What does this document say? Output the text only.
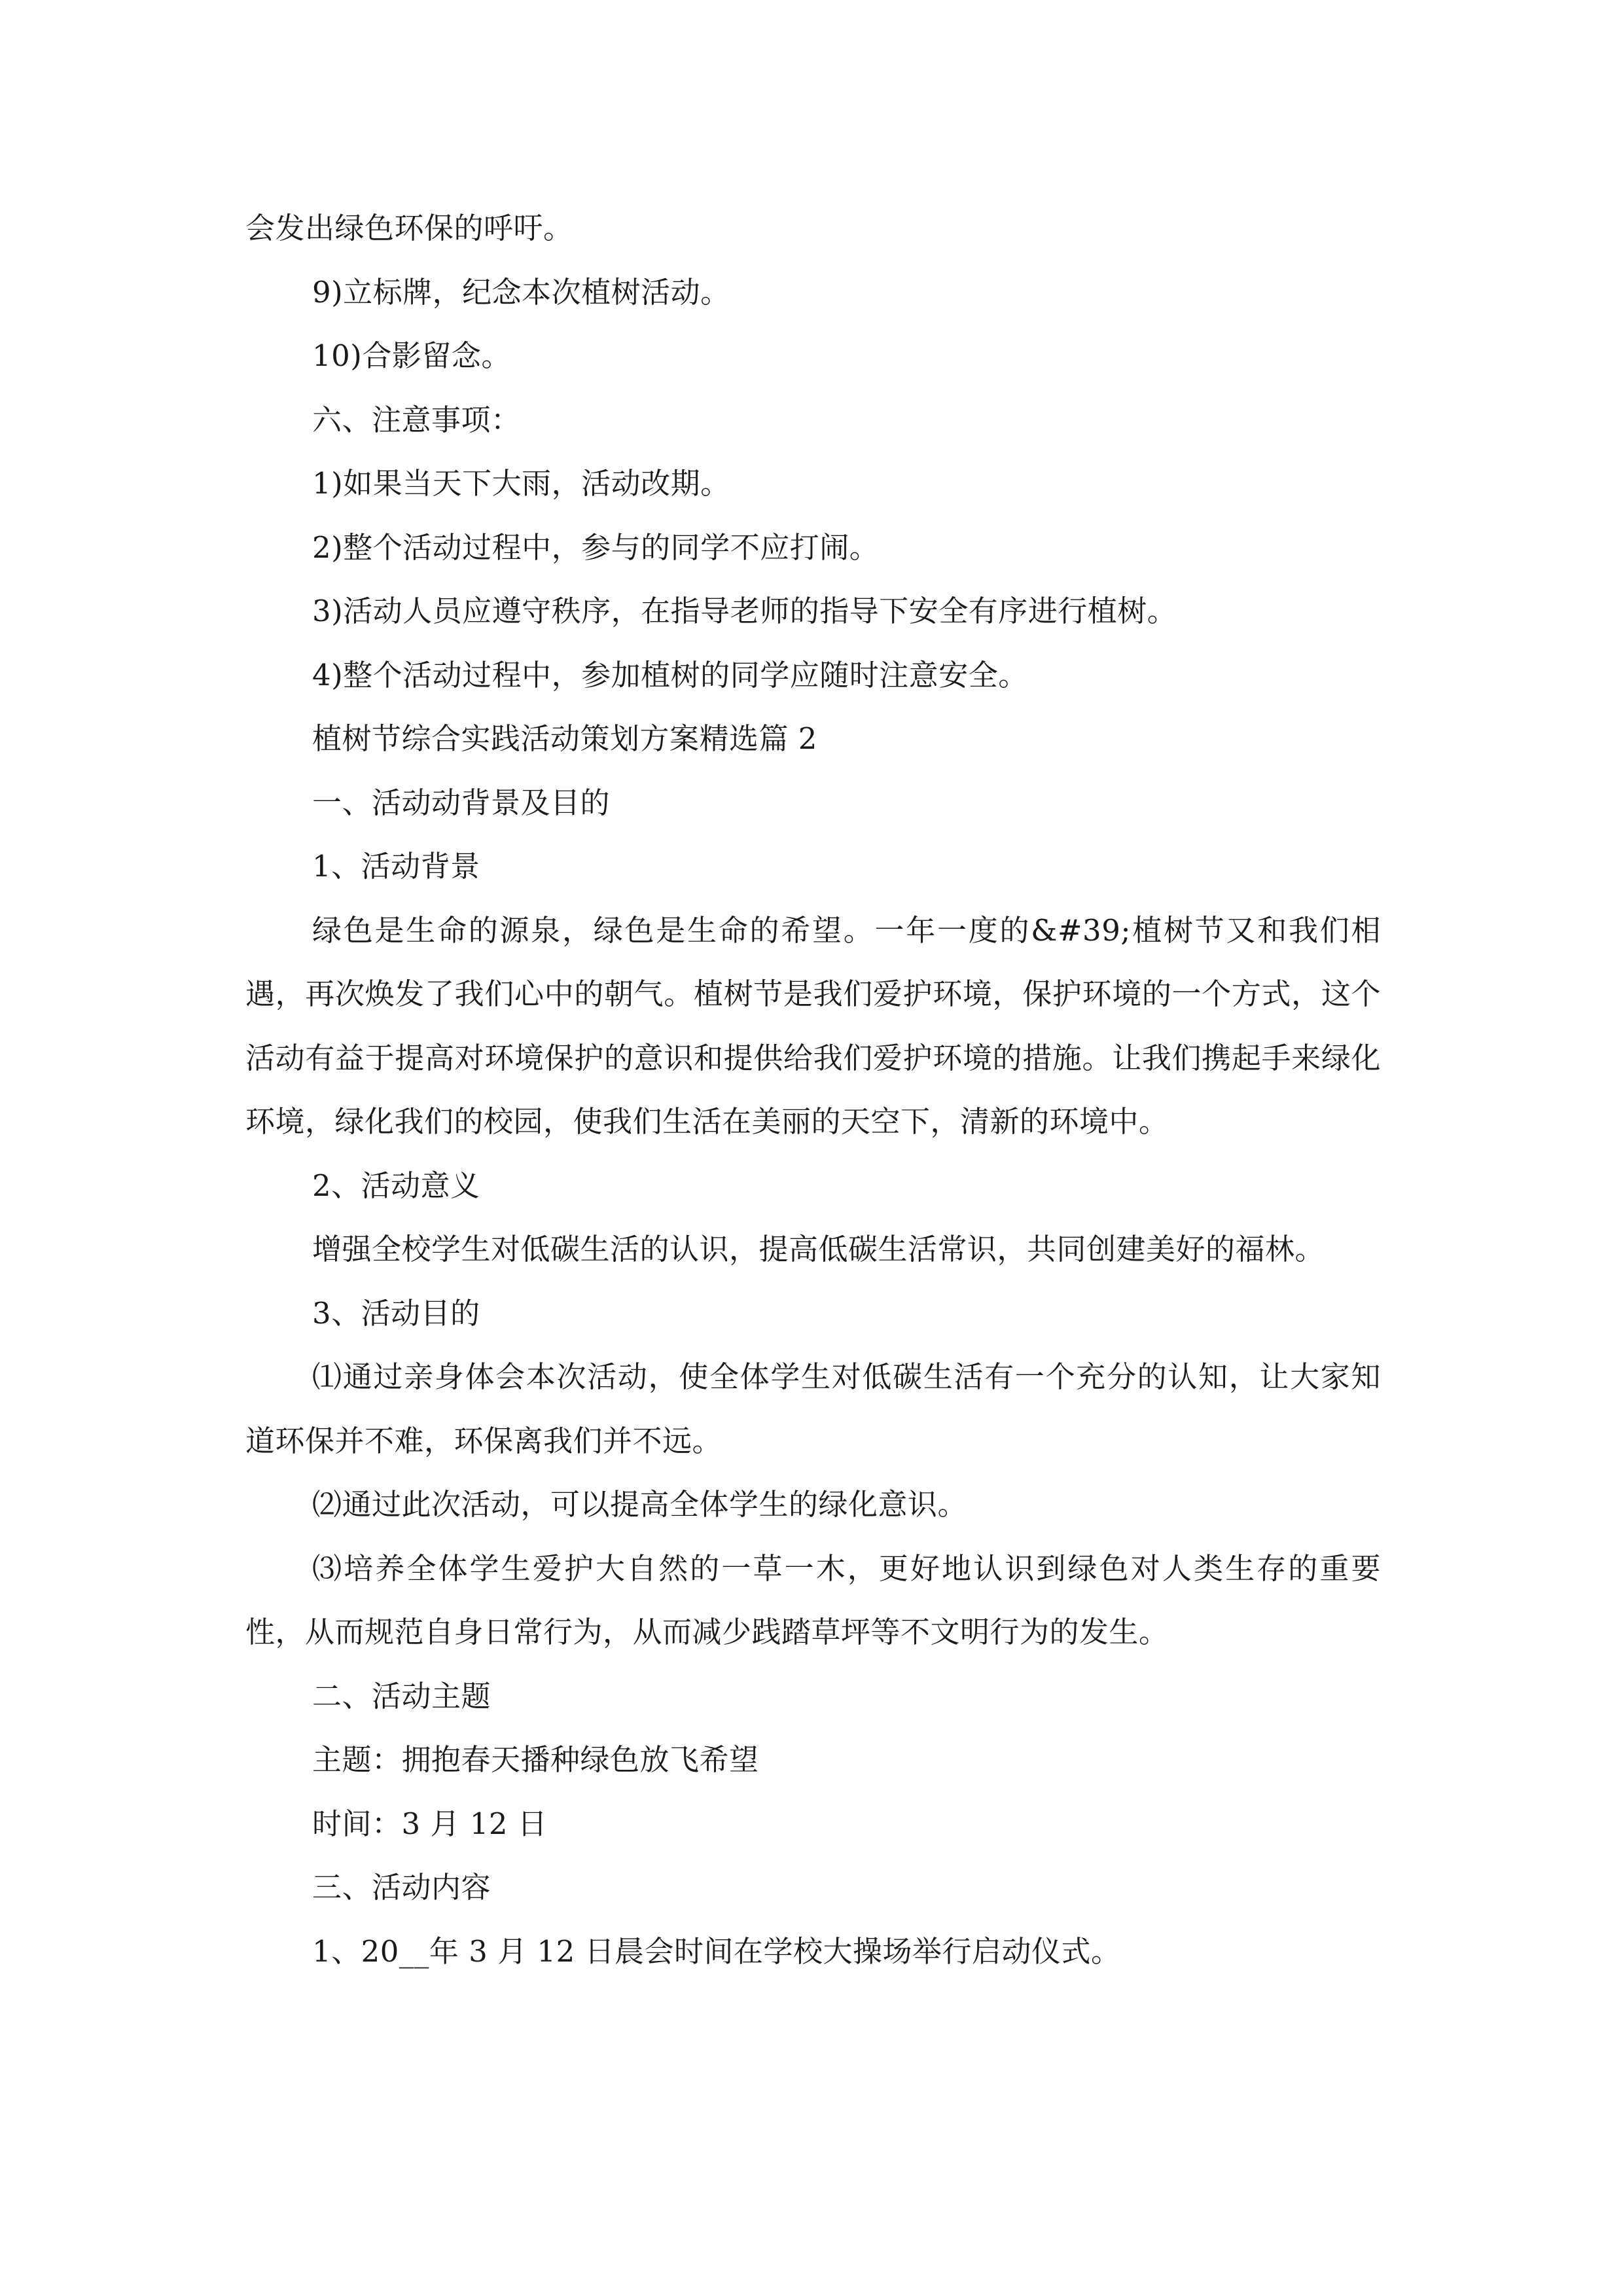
会发出绿色环保的呼吁。

9)立标牌，纪念本次植树活动。

10)合影留念。

六、注意事项：

1)如果当天下大雨，活动改期。

2)整个活动过程中，参与的同学不应打闹。

3)活动人员应遵守秩序，在指导老师的指导下安全有序进行植树。

4)整个活动过程中，参加植树的同学应随时注意安全。

植树节综合实践活动策划方案精选篇 2

一、活动动背景及目的

1、活动背景

绿色是生命的源泉，绿色是生命的希望。一年一度的&#39;植树节又和我们相遇，再次焕发了我们心中的朝气。植树节是我们爱护环境，保护环境的一个方式，这个活动有益于提高对环境保护的意识和提供给我们爱护环境的措施。让我们携起手来绿化环境，绿化我们的校园，使我们生活在美丽的天空下，清新的环境中。

2、活动意义

增强全校学生对低碳生活的认识，提高低碳生活常识，共同创建美好的福林。

3、活动目的

⑴通过亲身体会本次活动，使全体学生对低碳生活有一个充分的认知，让大家知道环保并不难，环保离我们并不远。

⑵通过此次活动，可以提高全体学生的绿化意识。

⑶培养全体学生爱护大自然的一草一木，更好地认识到绿色对人类生存的重要性，从而规范自身日常行为，从而减少践踏草坪等不文明行为的发生。

二、活动主题

主题：拥抱春天播种绿色放飞希望

时间：3 月 12 日

三、活动内容

1、20__年 3 月 12 日晨会时间在学校大操场举行启动仪式。
